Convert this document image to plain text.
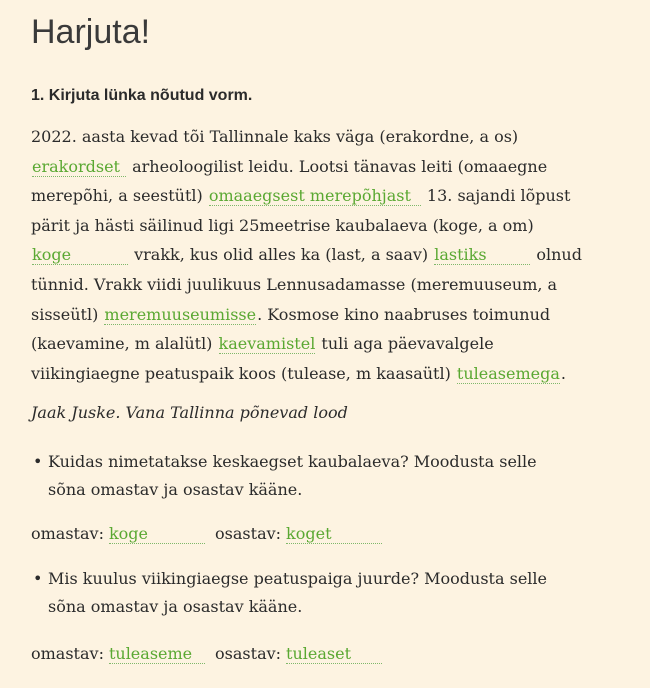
Harjuta!
1. Kirjuta lünka nõutud vorm.
2022. aasta kevad tõi Tallinnale kaks väga (erakordne, a os)
erakordset arheoloogilist leidu. Lootsi tänavas leiti (omaaegne
merepõhi, a seestütl) omaaegsest merepõhjast 13. sajandi lõpust
pärit ja hästi säilinud ligi 25meetrise kaubalaeva (koge, a om)
koge	vrakk, kus olid alles ka (last, a saav) lastiks	olnud
tünnid. Vrakk viidi juulikuus Lennusadamasse (meremuuseum, a
sisseütl) meremuuseumisse. Kosmose kino naabruses toimunud
(kaevamine, m alalütl) kaevamistel tuli aga päevavalgele
viikingiaegne peatuspaik koos (tulease, m kaasaütl) tuleasemega.
Jaak Juske. Vana Tallinna põnevad lood
• Kuidas nimetatakse keskaegset kaubalaeva? Moodusta selle
sõna omastav ja osastav kääne.
omastav: koge	osastav: koget
• Mis kuulus viikingiaegse peatuspaiga juurde? Moodusta selle
sõna omastav ja osastav kääne.
omastav: tuleaseme osastav: tuleaset
